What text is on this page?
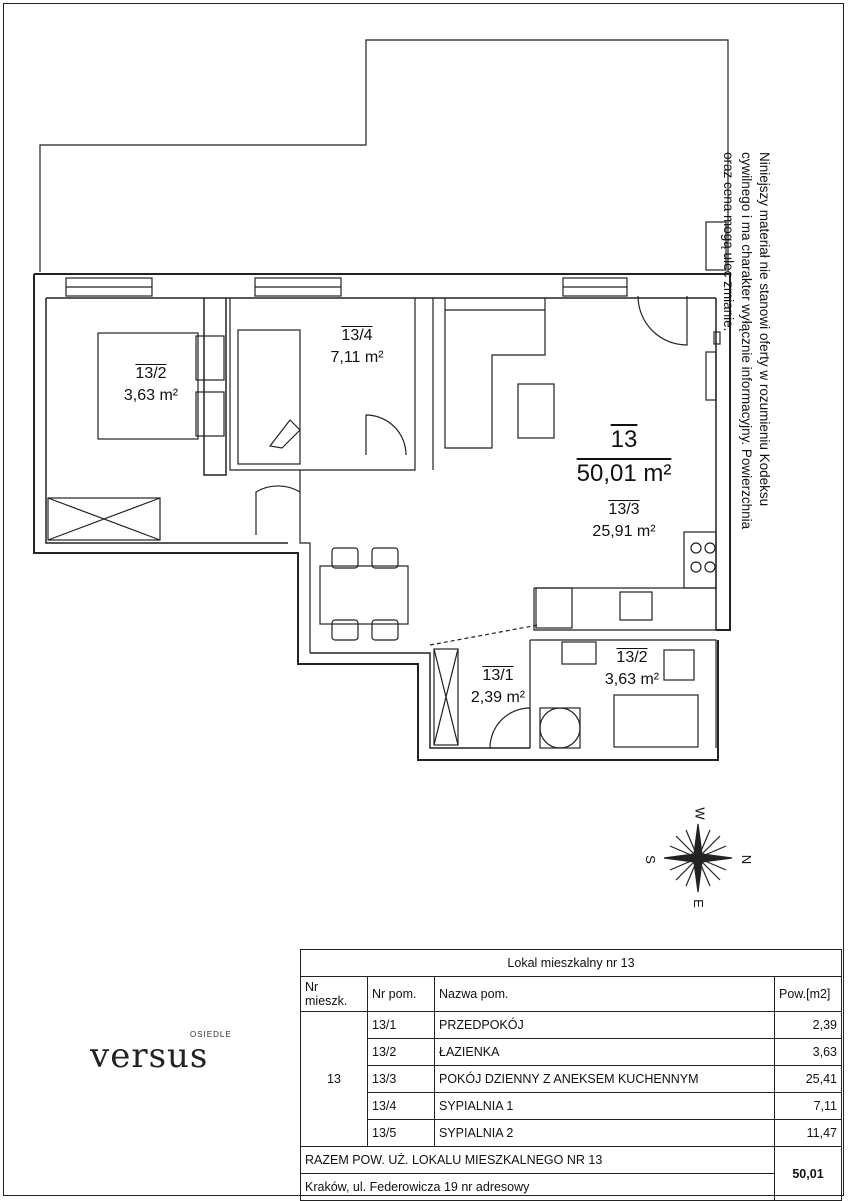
13/2
3,63 m²
13/4
7,11 m²
13
50,01 m²
13/3
25,91 m²
13/1
2,39 m²
13/2
3,63 m²
W
E
S	N
Niniejszy materiał nie stanowi oferty w rozumieniu Kodeksu
cywilnego i ma charakter wyłącznie informacyjny. Powierzchnia
oraz cena mogą ulec zmianie.
OSIEDLE
versus
Lokal mieszkalny nr 13			
Nr mieszk.	Nr pom.	Nazwa pom.	Pow.[m2]
13	13/1	PRZEDPOKÓJ	2,39
	13/2	ŁAZIENKA	3,63
	13/3	POKÓJ DZIENNY Z ANEKSEM KUCHENNYM	25,41
	13/4	SYPIALNIA 1	7,11
	13/5	SYPIALNIA 2	11,47
RAZEM POW. UŻ. LOKALU MIESZKALNEGO NR 13			50,01
Kraków, ul. Federowicza 19 nr adresowy			
